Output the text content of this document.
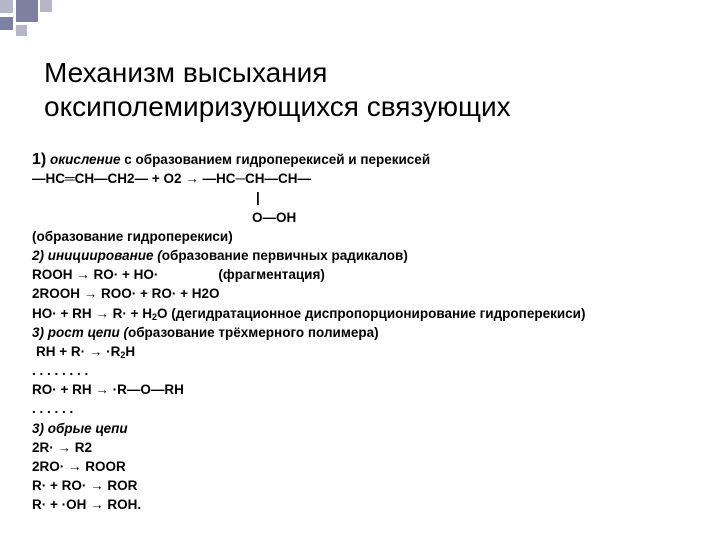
Механизм высыхания
оксиполемиризующихся связующих
1) окисление с образованием гидроперекисей и перекисей
—HC═CH—CH2— + O2 → —HC─CH—CH—
|
O—OH
(образование гидроперекиси)
2) инициирование (образование первичных радикалов)
ROOH → RO· + HO·	(фрагментация)
2ROOH → ROO· + RO· + H2O
HO· + RH → $R\cdot + H_2O$ (дегидратационное диспропорционирование гидроперекиси)
3) рост цепи (образование трёхмерного полимера)
RH + $R\cdot \to \cdot R_2H$
. . . . . . . .
RO· + RH → ·R—O—RH
. . . . . .
3) обрые цепи
2R· → R2
2RO· → ROOR
R· + RO· → ROR
R· + ·OH → ROH.
